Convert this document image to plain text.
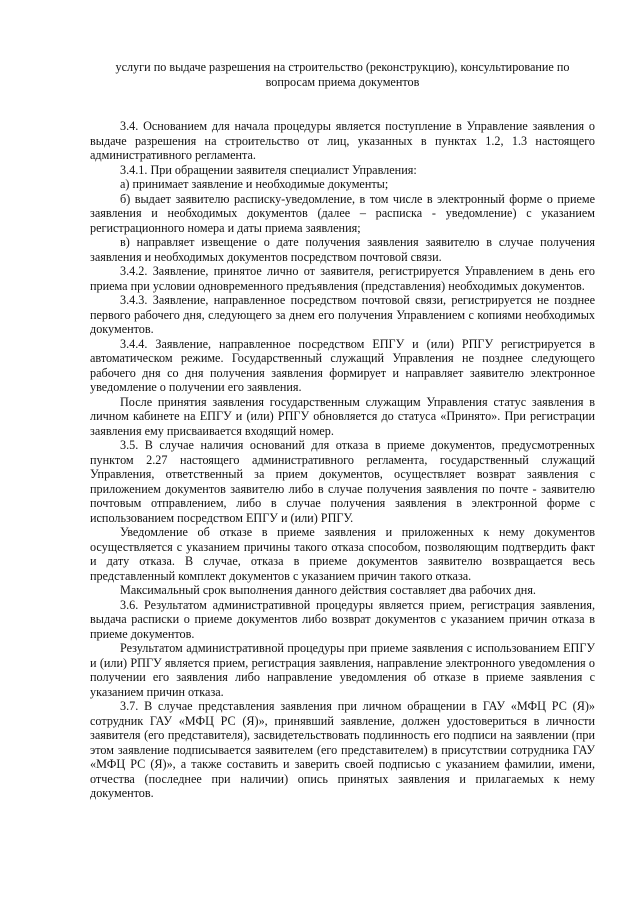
услуги по выдаче разрешения на строительство (реконструкцию), консультирование по
вопросам приема документов

3.4. Основанием для начала процедуры является поступление в Управление заявления о выдаче разрешения на строительство от лиц, указанных в пунктах 1.2, 1.3 настоящего административного регламента.

3.4.1. При обращении заявителя специалист Управления:

а) принимает заявление и необходимые документы;

б) выдает заявителю расписку-уведомление, в том числе в электронный форме о приеме заявления и необходимых документов (далее – расписка - уведомление) с указанием регистрационного номера и даты приема заявления;

в) направляет извещение о дате получения заявления заявителю в случае получения заявления и необходимых документов посредством почтовой связи.

3.4.2. Заявление, принятое лично от заявителя, регистрируется Управлением в день его приема при условии одновременного предъявления (представления) необходимых документов.

3.4.3. Заявление, направленное посредством почтовой связи, регистрируется не позднее первого рабочего дня, следующего за днем его получения Управлением с копиями необходимых документов.

3.4.4. Заявление, направленное посредством ЕПГУ и (или) РПГУ регистрируется в автоматическом режиме. Государственный служащий Управления не позднее следующего рабочего дня со дня получения заявления формирует и направляет заявителю электронное уведомление о получении его заявления.

После принятия заявления государственным служащим Управления статус заявления в личном кабинете на ЕПГУ и (или) РПГУ обновляется до статуса «Принято». При регистрации заявления ему присваивается входящий номер.

3.5. В случае наличия оснований для отказа в приеме документов, предусмотренных пунктом 2.27 настоящего административного регламента, государственный служащий Управления, ответственный за прием документов, осуществляет возврат заявления с приложением документов заявителю либо в случае получения заявления по почте - заявителю почтовым отправлением, либо в случае получения заявления в электронной форме с использованием посредством ЕПГУ и (или) РПГУ.

Уведомление об отказе в приеме заявления и приложенных к нему документов осуществляется с указанием причины такого отказа способом, позволяющим подтвердить факт и дату отказа. В случае, отказа в приеме документов заявителю возвращается весь представленный комплект документов с указанием причин такого отказа.

Максимальный срок выполнения данного действия составляет два рабочих дня.

3.6. Результатом административной процедуры является прием, регистрация заявления, выдача расписки о приеме документов либо возврат документов с указанием причин отказа в приеме документов.

Результатом административной процедуры при приеме заявления с использованием ЕПГУ и (или) РПГУ является прием, регистрация заявления, направление электронного уведомления о получении его заявления либо направление уведомления об отказе в приеме заявления с указанием причин отказа.

3.7. В случае представления заявления при личном обращении в ГАУ «МФЦ РС (Я)» сотрудник ГАУ «МФЦ РС (Я)», принявший заявление, должен удостовериться в личности заявителя (его представителя), засвидетельствовать подлинность его подписи на заявлении (при этом заявление подписывается заявителем (его представителем) в присутствии сотрудника ГАУ «МФЦ РС (Я)», а также составить и заверить своей подписью с указанием фамилии, имени, отчества (последнее при наличии) опись принятых заявления и прилагаемых к нему документов.
